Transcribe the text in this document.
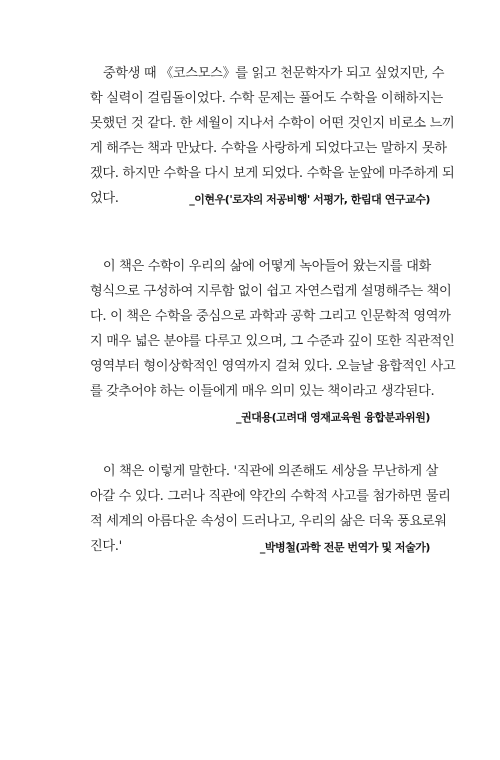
　중학생 때 《코스모스》를 읽고 천문학자가 되고 싶었지만, 수
학 실력이 걸림돌이었다. 수학 문제는 풀어도 수학을 이해하지는
못했던 것 같다. 한 세월이 지나서 수학이 어떤 것인지 비로소 느끼
게 해주는 책과 만났다. 수학을 사랑하게 되었다고는 말하지 못하
겠다. 하지만 수학을 다시 보게 되었다. 수학을 눈앞에 마주하게 되
었다.	_이현우('로쟈의 저공비행' 서평가, 한림대 연구교수)
　이 책은 수학이 우리의 삶에 어떻게 녹아들어 왔는지를 대화
형식으로 구성하여 지루함 없이 쉽고 자연스럽게 설명해주는 책이
다. 이 책은 수학을 중심으로 과학과 공학 그리고 인문학적 영역까
지 매우 넓은 분야를 다루고 있으며, 그 수준과 깊이 또한 직관적인
영역부터 형이상학적인 영역까지 걸쳐 있다. 오늘날 융합적인 사고
를 갖추어야 하는 이들에게 매우 의미 있는 책이라고 생각된다.
_권대용(고려대 영재교육원 융합분과위원)
　이 책은 이렇게 말한다. '직관에 의존해도 세상을 무난하게 살
아갈 수 있다. 그러나 직관에 약간의 수학적 사고를 첨가하면 물리
적 세계의 아름다운 속성이 드러나고, 우리의 삶은 더욱 풍요로워
진다.'	_박병철(과학 전문 번역가 및 저술가)
